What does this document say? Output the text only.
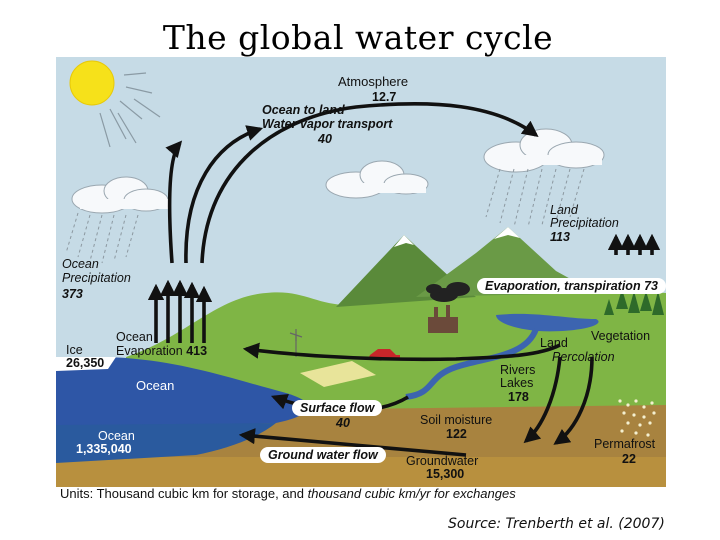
The global water cycle
Atmosphere
12.7
Ocean to land
Water vapor transport
40
Land
Precipitation
113
Ocean
Precipitation
373
Evaporation, transpiration 73
Ocean
Evaporation 413
Ice
26,350
Ocean
Land Vegetation
Percolation
Rivers
Lakes
178
Surface flow
40	Soil moisture
122
Ocean
1,335,040	Permafrost
22
Ground water flow	Groundwater
15,300
Units: Thousand cubic km for storage, and thousand cubic km/yr for exchanges
Source: Trenberth et al. (2007)
